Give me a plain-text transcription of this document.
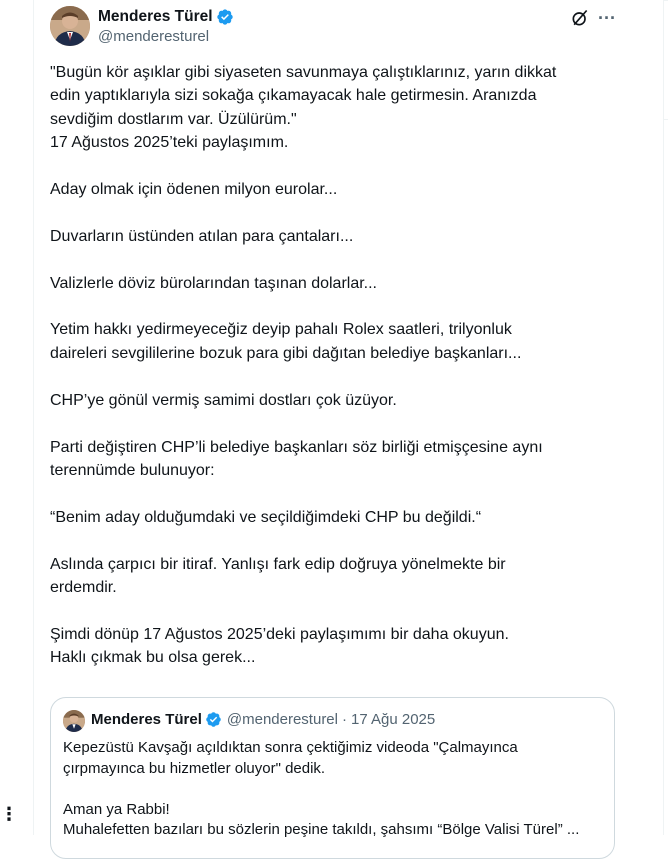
⋮
Menderes Türel
@menderesturel
···
"Bugün kör aşıklar gibi siyaseten savunmaya çalıştıklarınız, yarın dikkat
edin yaptıklarıyla sizi sokağa çıkamayacak hale getirmesin. Aranızda
sevdiğim dostlarım var. Üzülürüm."
17 Ağustos 2025’teki paylaşımım.

Aday olmak için ödenen milyon eurolar...

Duvarların üstünden atılan para çantaları...

Valizlerle döviz bürolarından taşınan dolarlar...

Yetim hakkı yedirmeyeceğiz deyip pahalı Rolex saatleri, trilyonluk
daireleri sevgililerine bozuk para gibi dağıtan belediye başkanları...

CHP’ye gönül vermiş samimi dostları çok üzüyor.

Parti değiştiren CHP’li belediye başkanları söz birliği etmişçesine aynı
terennümde bulunuyor:

“Benim aday olduğumdaki ve seçildiğimdeki CHP bu değildi.“

Aslında çarpıcı bir itiraf. Yanlışı fark edip doğruya yönelmekte bir
erdemdir.

Şimdi dönüp 17 Ağustos 2025’deki paylaşımımı bir daha okuyun.
Haklı çıkmak bu olsa gerek...
Menderes Türel @menderesturel · 17 Ağu 2025
Kepezüstü Kavşağı açıldıktan sonra çektiğimiz videoda "Çalmayınca
çırpmayınca bu hizmetler oluyor" dedik.

Aman ya Rabbi!
Muhalefetten bazıları bu sözlerin peşine takıldı, şahsımı “Bölge Valisi Türel” ...
